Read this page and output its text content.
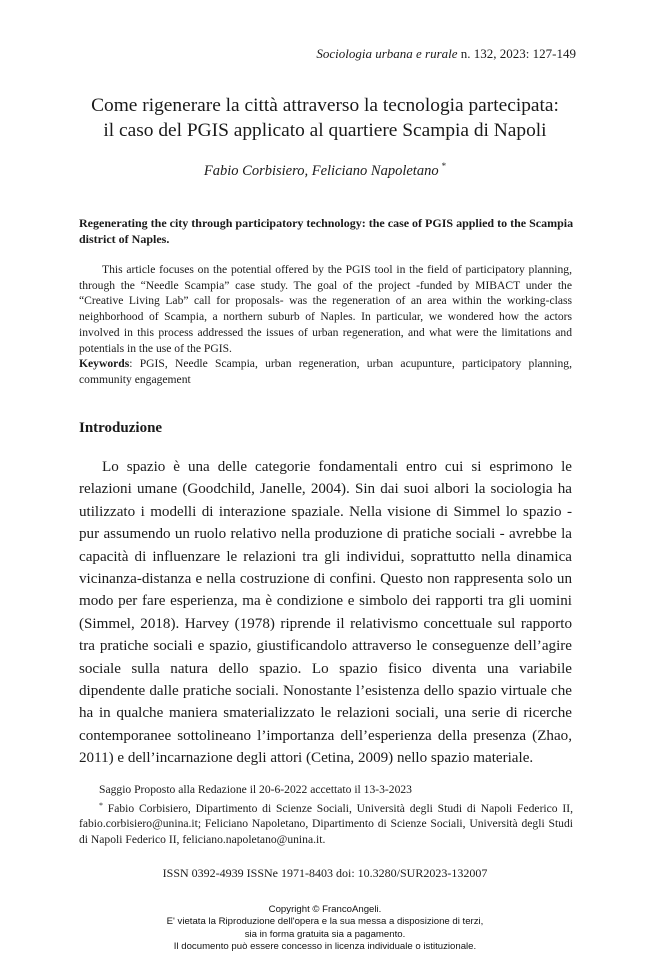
Sociologia urbana e rurale n. 132, 2023: 127-149
Come rigenerare la città attraverso la tecnologia partecipata:
il caso del PGIS applicato al quartiere Scampia di Napoli
Fabio Corbisiero, Feliciano Napoletano *
Regenerating the city through participatory technology: the case of PGIS applied to the Scampia district of Naples.
This article focuses on the potential offered by the PGIS tool in the field of participatory planning, through the “Needle Scampia” case study. The goal of the project -funded by MIBACT under the “Creative Living Lab” call for proposals- was the regeneration of an area within the working-class neighborhood of Scampia, a northern suburb of Naples. In particular, we wondered how the actors involved in this process addressed the issues of urban regeneration, and what were the limitations and potentials in the use of the PGIS.
Keywords: PGIS, Needle Scampia, urban regeneration, urban acupunture, participatory planning, community engagement
Introduzione
Lo spazio è una delle categorie fondamentali entro cui si esprimono le relazioni umane (Goodchild, Janelle, 2004). Sin dai suoi albori la sociologia ha utilizzato i modelli di interazione spaziale. Nella visione di Simmel lo spazio - pur assumendo un ruolo relativo nella produzione di pratiche sociali - avrebbe la capacità di influenzare le relazioni tra gli individui, soprattutto nella dinamica vicinanza-distanza e nella costruzione di confini. Questo non rappresenta solo un modo per fare esperienza, ma è condizione e simbolo dei rapporti tra gli uomini (Simmel, 2018). Harvey (1978) riprende il relativismo concettuale sul rapporto tra pratiche sociali e spazio, giustificandolo attraverso le conseguenze dell’agire sociale sulla natura dello spazio. Lo spazio fisico diventa una variabile dipendente dalle pratiche sociali. Nonostante l’esistenza dello spazio virtuale che ha in qualche maniera smaterializzato le relazioni sociali, una serie di ricerche contemporanee sottolineano l’importanza dell’esperienza della presenza (Zhao, 2011) e dell’incarnazione degli attori (Cetina, 2009) nello spazio materiale.
Saggio Proposto alla Redazione il 20-6-2022 accettato il 13-3-2023
* Fabio Corbisiero, Dipartimento di Scienze Sociali, Università degli Studi di Napoli Federico II, fabio.corbisiero@unina.it; Feliciano Napoletano, Dipartimento di Scienze Sociali, Università degli Studi di Napoli Federico II, feliciano.napoletano@unina.it.
ISSN 0392-4939 ISSNe 1971-8403 doi: 10.3280/SUR2023-132007
Copyright © FrancoAngeli.
E' vietata la Riproduzione dell'opera e la sua messa a disposizione di terzi,
sia in forma gratuita sia a pagamento.
Il documento può essere concesso in licenza individuale o istituzionale.
